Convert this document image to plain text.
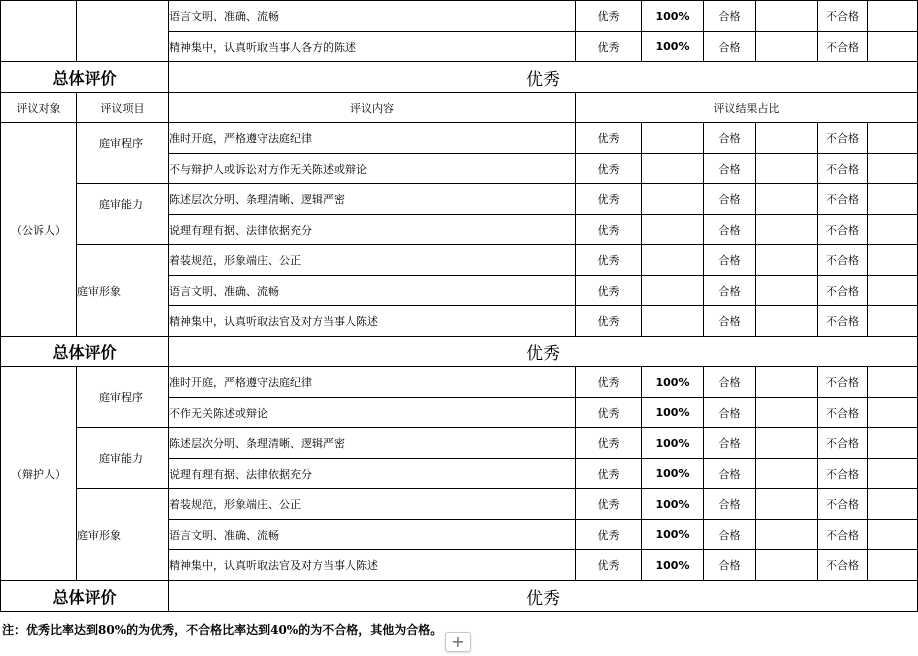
		语言文明、准确、流畅	优秀	100%	合格		不合格	
		精神集中，认真听取当事人各方的陈述	优秀	100%	合格		不合格	
总体评价		优秀						
评议对象	评议项目	评议内容	评议结果占比					
（公诉人）	庭审程序	准时开庭，严格遵守法庭纪律	优秀		合格		不合格	
		不与辩护人或诉讼对方作无关陈述或辩论	优秀		合格		不合格	
	庭审能力	陈述层次分明、条理清晰、逻辑严密	优秀		合格		不合格	
		说理有理有据、法律依据充分	优秀		合格		不合格	
	庭审形象	着装规范，形象端庄、公正	优秀		合格		不合格	
		语言文明、准确、流畅	优秀		合格		不合格	
		精神集中，认真听取法官及对方当事人陈述	优秀		合格		不合格	
总体评价		优秀						
（辩护人）	庭审程序	准时开庭，严格遵守法庭纪律	优秀	100%	合格		不合格	
		不作无关陈述或辩论	优秀	100%	合格		不合格	
	庭审能力	陈述层次分明、条理清晰、逻辑严密	优秀	100%	合格		不合格	
		说理有理有据、法律依据充分	优秀	100%	合格		不合格	
	庭审形象	着装规范，形象端庄、公正	优秀	100%	合格		不合格	
		语言文明、准确、流畅	优秀	100%	合格		不合格	
		精神集中，认真听取法官及对方当事人陈述	优秀	100%	合格		不合格	
总体评价		优秀						
注：优秀比率达到80%的为优秀，不合格比率达到40%的为不合格，其他为合格。
+
